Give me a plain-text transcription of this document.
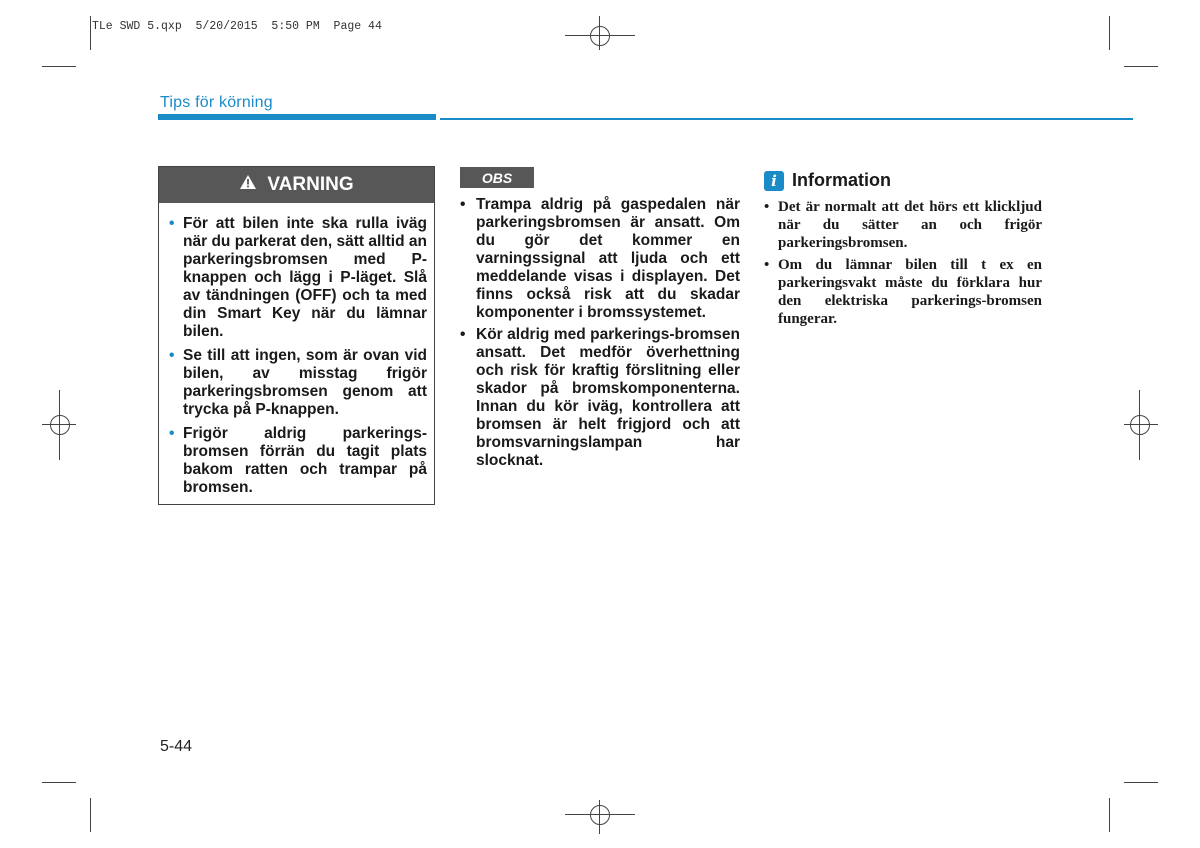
TLe SWD 5.qxp  5/20/2015  5:50 PM  Page 44
Tips för körning
VARNING
• För att bilen inte ska rulla iväg när du parkerat den, sätt alltid an parkeringsbromsen med P-knappen och lägg i P-läget. Slå av tändningen (OFF) och ta med din Smart Key när du lämnar bilen.
• Se till att ingen, som är ovan vid bilen, av misstag frigör parkeringsbromsen genom att trycka på P-knappen.
• Frigör aldrig parkerings-bromsen förrän du tagit plats bakom ratten och trampar på bromsen.
OBS
• Trampa aldrig på gaspedalen när parkeringsbromsen är ansatt. Om du gör det kommer en varningssignal att ljuda och ett meddelande visas i displayen. Det finns också risk att du skadar komponenter i bromssystemet.
• Kör aldrig med parkerings-bromsen ansatt. Det medför överhettning och risk för kraftig förslitning eller skador på bromskomponenterna. Innan du kör iväg, kontrollera att bromsen är helt frigjord och att bromsvarningslampan har slocknat.
i Information
• Det är normalt att det hörs ett klickljud när du sätter an och frigör parkeringsbromsen.
• Om du lämnar bilen till t ex en parkeringsvakt måste du förklara hur den elektriska parkerings-bromsen fungerar.
5-44
